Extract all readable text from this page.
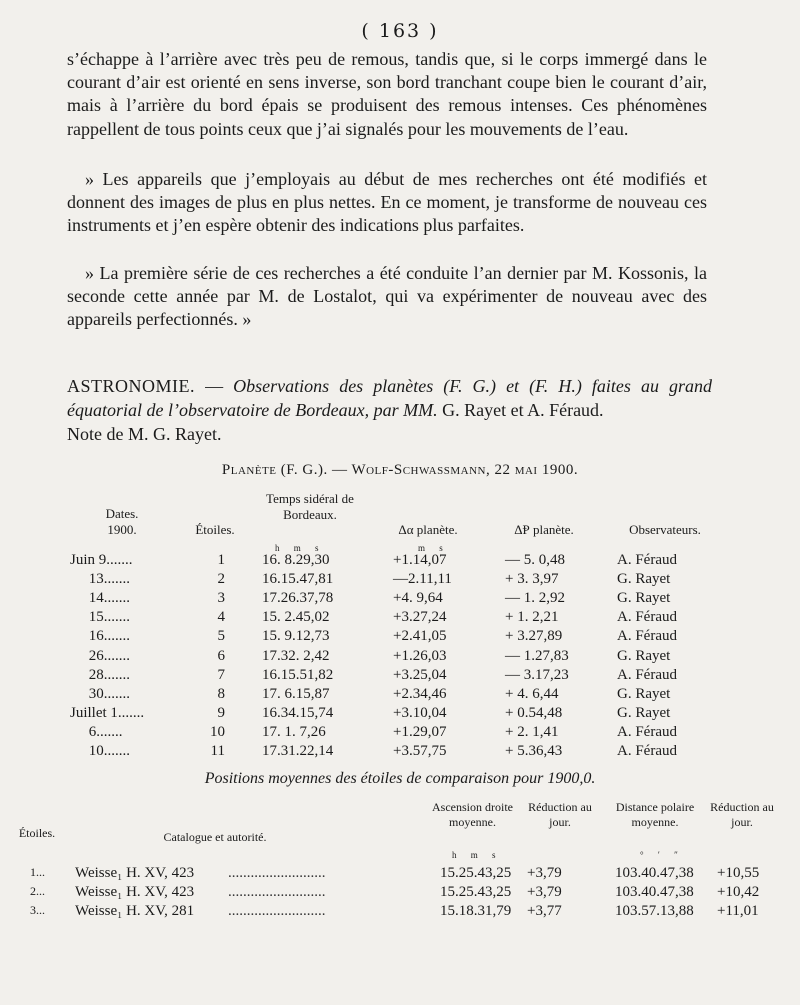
( 163 )
s’échappe à l’arrière avec très peu de remous, tandis que, si le corps immergé dans le courant d’air est orienté en sens inverse, son bord tranchant coupe bien le courant d’air, mais à l’arrière du bord épais se produisent des remous intenses. Ces phénomènes rappellent de tous points ceux que j’ai signalés pour les mouvements de l’eau.
» Les appareils que j’employais au début de mes recherches ont été modifiés et donnent des images de plus en plus nettes. En ce moment, je transforme de nouveau ces instruments et j’en espère obtenir des indications plus parfaites.
» La première série de ces recherches a été conduite l’an dernier par M. Kossonis, la seconde cette année par M. de Lostalot, qui va expérimenter de nouveau avec des appareils perfectionnés. »
ASTRONOMIE. — Observations des planètes (F. G.) et (F. H.) faites au grand équatorial de l’observatoire de Bordeaux, par MM. G. Rayet et A. Féraud.
Note de M. G. Rayet.
Planète (F. G.). — Wolf-Schwassmann, 22 mai 1900.
Dates.
1900.	Étoiles.
Temps sidéral de Bordeaux.
Δα planète.	ΔⱣ planète.	Observateurs.
h m s	m s
Juin 9.......	1 16. 8.29,30	+1.14,07	— 5. 0,48	A. Féraud
13.......	2 16.15.47,81	—2.11,11	+ 3. 3,97	G. Rayet
14.......	3 17.26.37,78	+4. 9,64	— 1. 2,92	G. Rayet
15.......	4 15. 2.45,02	+3.27,24	+ 1. 2,21	A. Féraud
16.......	5 15. 9.12,73	+2.41,05	+ 3.27,89	A. Féraud
26.......	6 17.32. 2,42	+1.26,03	— 1.27,83	G. Rayet
28.......	7 16.15.51,82	+3.25,04	— 3.17,23	A. Féraud
30.......	8 17. 6.15,87	+2.34,46	+ 4. 6,44	G. Rayet
Juillet 1.......	9 16.34.15,74	+3.10,04	+ 0.54,48	G. Rayet
6.......	10 17. 1. 7,26	+1.29,07	+ 2. 1,41	A. Féraud
10.......	11 17.31.22,14	+3.57,75	+ 5.36,43	A. Féraud
Positions moyennes des étoiles de comparaison pour 1900,0.
Étoiles.	Catalogue et autorité.
Ascension droite moyenne.
Réduction au jour.
Distance polaire moyenne.
Réduction au jour.
h m s	° ′ ″
1... Weisse₁ H. XV, 423	15.25.43,25 +3,79	103.40.47,38 +10,55
..........................
2... Weisse₁ H. XV, 423	15.25.43,25 +3,79	103.40.47,38 +10,42
..........................
3... Weisse₁ H. XV, 281	15.18.31,79 +3,77	103.57.13,88 +11,01
..........................
